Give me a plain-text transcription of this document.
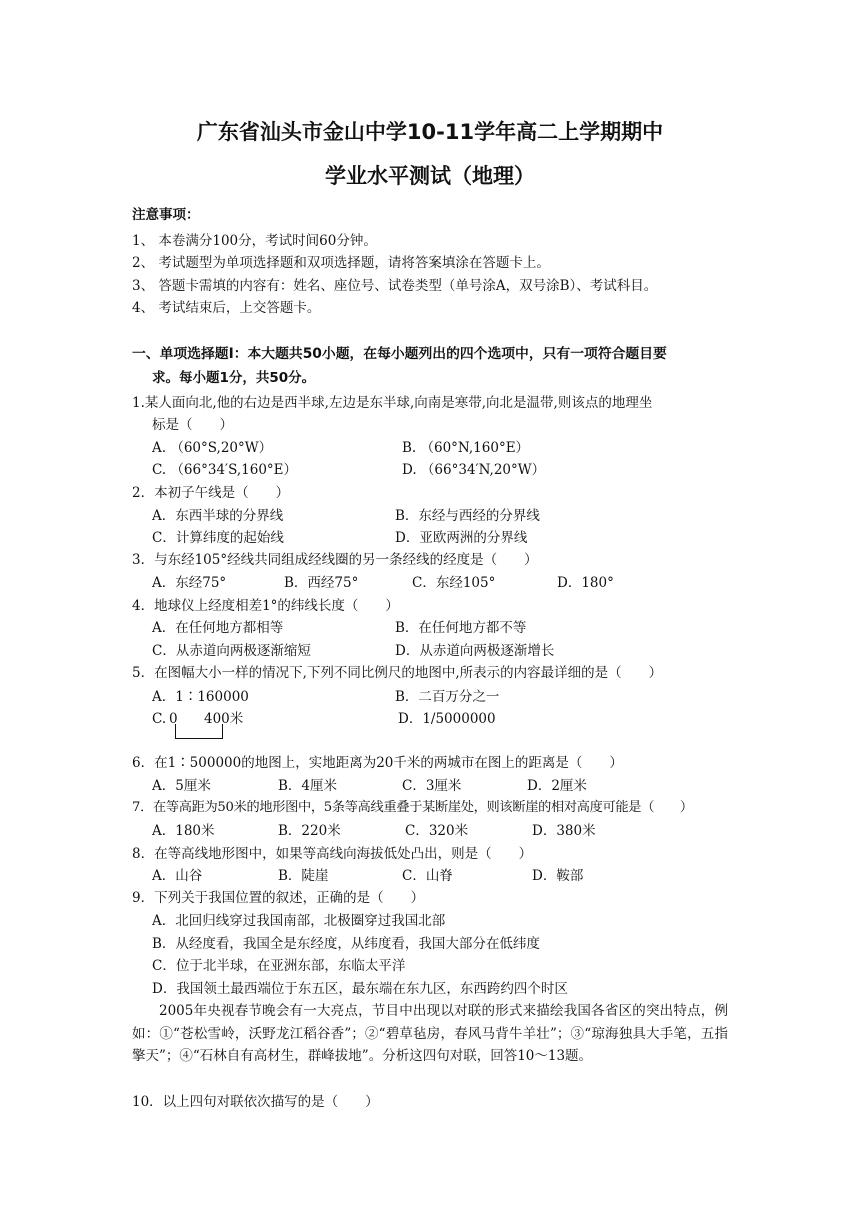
广东省汕头市金山中学10-11学年高二上学期期中
学业水平测试（地理）
注意事项：
1、 本卷满分100分，考试时间60分钟。
2、 考试题型为单项选择题和双项选择题，请将答案填涂在答题卡上。
3、 答题卡需填的内容有：姓名、座位号、试卷类型（单号涂A，双号涂B）、考试科目。
4、 考试结束后，上交答题卡。
一、单项选择题I：本大题共50小题，在每小题列出的四个选项中，只有一项符合题目要
求。每小题1分，共50分。
1.某人面向北,他的右边是西半球,左边是东半球,向南是寒带,向北是温带,则该点的地理坐
标是（　　）
A. （60°S,20°W）	B. （60°N,160°E）
C. （66°34′S,160°E）	D. （66°34′N,20°W）
2．本初子午线是（　　）
A．东西半球的分界线	B．东经与西经的分界线
C．计算纬度的起始线	D．亚欧两洲的分界线
3．与东经105°经线共同组成经线圈的另一条经线的经度是（　　）
A．东经75°	B．西经75°	C．东经105°	D．180°
4．地球仪上经度相差1°的纬线长度（　　）
A．在任何地方都相等	B．在任何地方都不等
C．从赤道向两极逐渐缩短	D．从赤道向两极逐渐增长
5．在图幅大小一样的情况下,下列不同比例尺的地图中,所表示的内容最详细的是（　　）
A．1∶160000	B．二百万分之一
C. 0 400米	D．1/5000000
6．在1∶500000的地图上，实地距离为20千米的两城市在图上的距离是（　　）
A．5厘米	B．4厘米	C．3厘米	D．2厘米
7．在等高距为50米的地形图中，5条等高线重叠于某断崖处，则该断崖的相对高度可能是（　　）
A．180米	B．220米	C．320米	D．380米
8．在等高线地形图中，如果等高线向海拔低处凸出，则是（　　）
A．山谷	B．陡崖	C．山脊	D．鞍部
9．下列关于我国位置的叙述，正确的是（　　）
A．北回归线穿过我国南部，北极圈穿过我国北部
B．从经度看，我国全是东经度，从纬度看，我国大部分在低纬度
C．位于北半球，在亚洲东部，东临太平洋
D．我国领土最西端位于东五区，最东端在东九区，东西跨约四个时区
2005年央视春节晚会有一大亮点，节目中出现以对联的形式来描绘我国各省区的突出特点，例如：①“苍松雪岭，沃野龙江稻谷香”；②“碧草毡房，春风马背牛羊壮”；③“琼海独具大手笔，五指擎天”；④“石林自有高材生，群峰拔地”。分析这四句对联，回答10～13题。
10．以上四句对联依次描写的是（　　）
